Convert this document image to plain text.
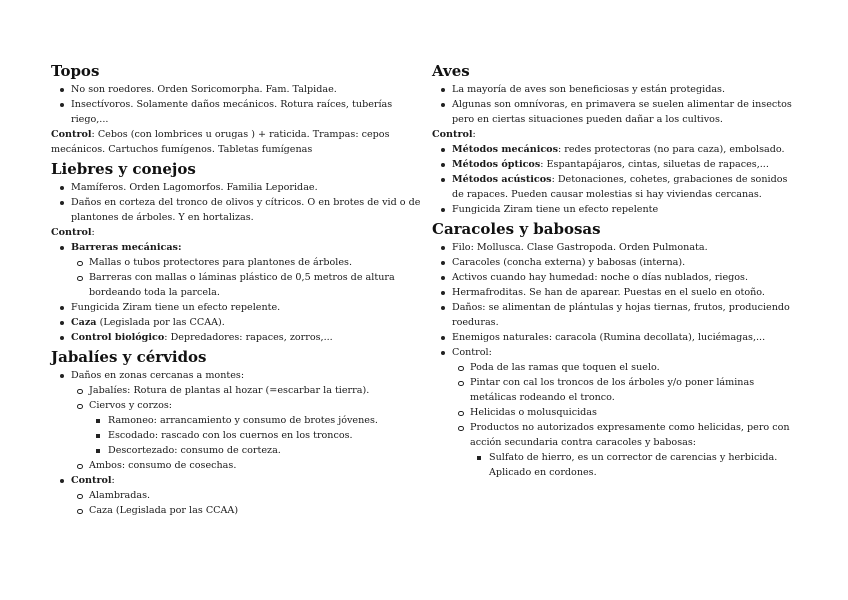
Topos
No son roedores. Orden Soricomorpha. Fam. Talpidae.
Insectívoros. Solamente daños mecánicos. Rotura raíces, tuberías riego,...

Control: Cebos (con lombrices u orugas ) + raticida. Trampas: cepos mecánicos. Cartuchos fumígenos. Tabletas fumígenas

Liebres y conejos
Mamíferos. Orden Lagomorfos. Familia Leporidae.
Daños en corteza del tronco de olivos y cítricos. O en brotes de vid o de plantones de árboles. Y en hortalizas.

Control:

Barreras mecánicas:
Mallas o tubos protectores para plantones de árboles.
Barreras con mallas o láminas plástico de 0,5 metros de altura bordeando toda la parcela.
Fungicida Ziram tiene un efecto repelente.
Caza (Legislada por las CCAA).
Control biológico: Depredadores: rapaces, zorros,...
Jabalíes y cérvidos
Daños en zonas cercanas a montes:
Jabalíes: Rotura de plantas al hozar (=escarbar la tierra).
Ciervos y corzos:
Ramoneo: arrancamiento y consumo de brotes jóvenes.
Escodado: rascado con los cuernos en los troncos.
Descortezado: consumo de corteza.
Ambos: consumo de cosechas.
Control:
Alambradas.
Caza (Legislada por las CCAA)
Aves
La mayoría de aves son beneficiosas y están protegidas.
Algunas son omnívoras, en primavera se suelen alimentar de insectos pero en ciertas situaciones pueden dañar a los cultivos.

Control:

Métodos mecánicos: redes protectoras (no para caza), embolsado.
Métodos ópticos: Espantapájaros, cintas, siluetas de rapaces,...
Métodos acústicos: Detonaciones, cohetes, grabaciones de sonidos de rapaces. Pueden causar molestias si hay viviendas cercanas.
Fungicida Ziram tiene un efecto repelente
Caracoles y babosas
Filo: Mollusca. Clase Gastropoda. Orden Pulmonata.
Caracoles (concha externa) y babosas (interna).
Activos cuando hay humedad: noche o días nublados, riegos.
Hermafroditas. Se han de aparear. Puestas en el suelo en otoño.
Daños: se alimentan de plántulas y hojas tiernas, frutos, produciendo roeduras.
Enemigos naturales: caracola (Rumina decollata), luciémagas,...
Control:
Poda de las ramas que toquen el suelo.
Pintar con cal los troncos de los árboles y/o poner láminas metálicas rodeando el tronco.
Helicidas o molusquicidas
Productos no autorizados expresamente como helicidas, pero con acción secundaria contra caracoles y babosas:
Sulfato de hierro, es un corrector de carencias y herbicida. Aplicado en cordones.
